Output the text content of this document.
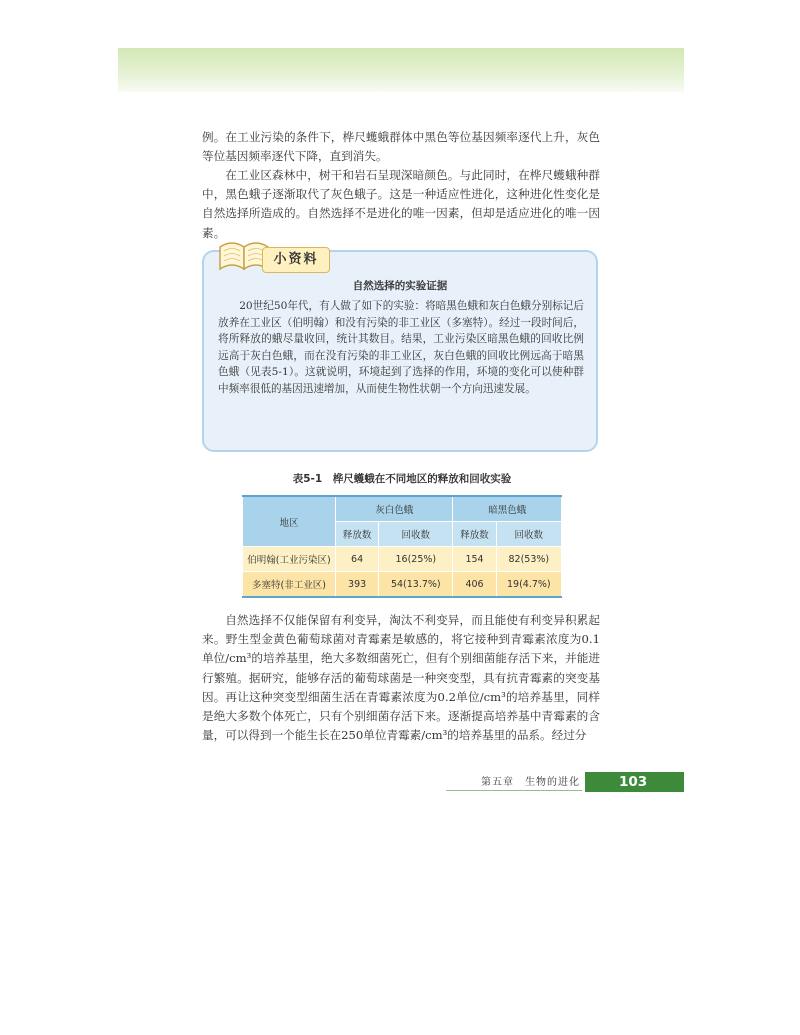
例。在工业污染的条件下，桦尺蠖蛾群体中黑色等位基因频率逐代上升，灰色等位基因频率逐代下降，直到消失。

在工业区森林中，树干和岩石呈现深暗颜色。与此同时，在桦尺蠖蛾种群中，黑色蛾子逐渐取代了灰色蛾子。这是一种适应性进化，这种进化性变化是自然选择所造成的。自然选择不是进化的唯一因素，但却是适应进化的唯一因素。

小资料
自然选择的实验证据

20世纪50年代，有人做了如下的实验：将暗黑色蛾和灰白色蛾分别标记后放养在工业区（伯明翰）和没有污染的非工业区（多塞特）。经过一段时间后，将所释放的蛾尽量收回，统计其数目。结果，工业污染区暗黑色蛾的回收比例远高于灰白色蛾，而在没有污染的非工业区，灰白色蛾的回收比例远高于暗黑色蛾（见表5-1）。这就说明，环境起到了选择的作用，环境的变化可以使种群中频率很低的基因迅速增加，从而使生物性状朝一个方向迅速发展。

表5-1　桦尺蠖蛾在不同地区的释放和回收实验
地区	灰白色蛾		暗黑色蛾	
	释放数	回收数	释放数	回收数
伯明翰(工业污染区)	64	16(25%)	154	82(53%)
多塞特(非工业区)	393	54(13.7%)	406	19(4.7%)

自然选择不仅能保留有利变异，淘汰不利变异，而且能使有利变异积累起来。野生型金黄色葡萄球菌对青霉素是敏感的，将它接种到青霉素浓度为0.1单位/cm³的培养基里，绝大多数细菌死亡，但有个别细菌能存活下来，并能进行繁殖。据研究，能够存活的葡萄球菌是一种突变型，具有抗青霉素的突变基因。再让这种突变型细菌生活在青霉素浓度为0.2单位/cm³的培养基里，同样是绝大多数个体死亡，只有个别细菌存活下来。逐渐提高培养基中青霉素的含量，可以得到一个能生长在250单位青霉素/cm³的培养基里的品系。经过分

第五章　生物的进化	103
